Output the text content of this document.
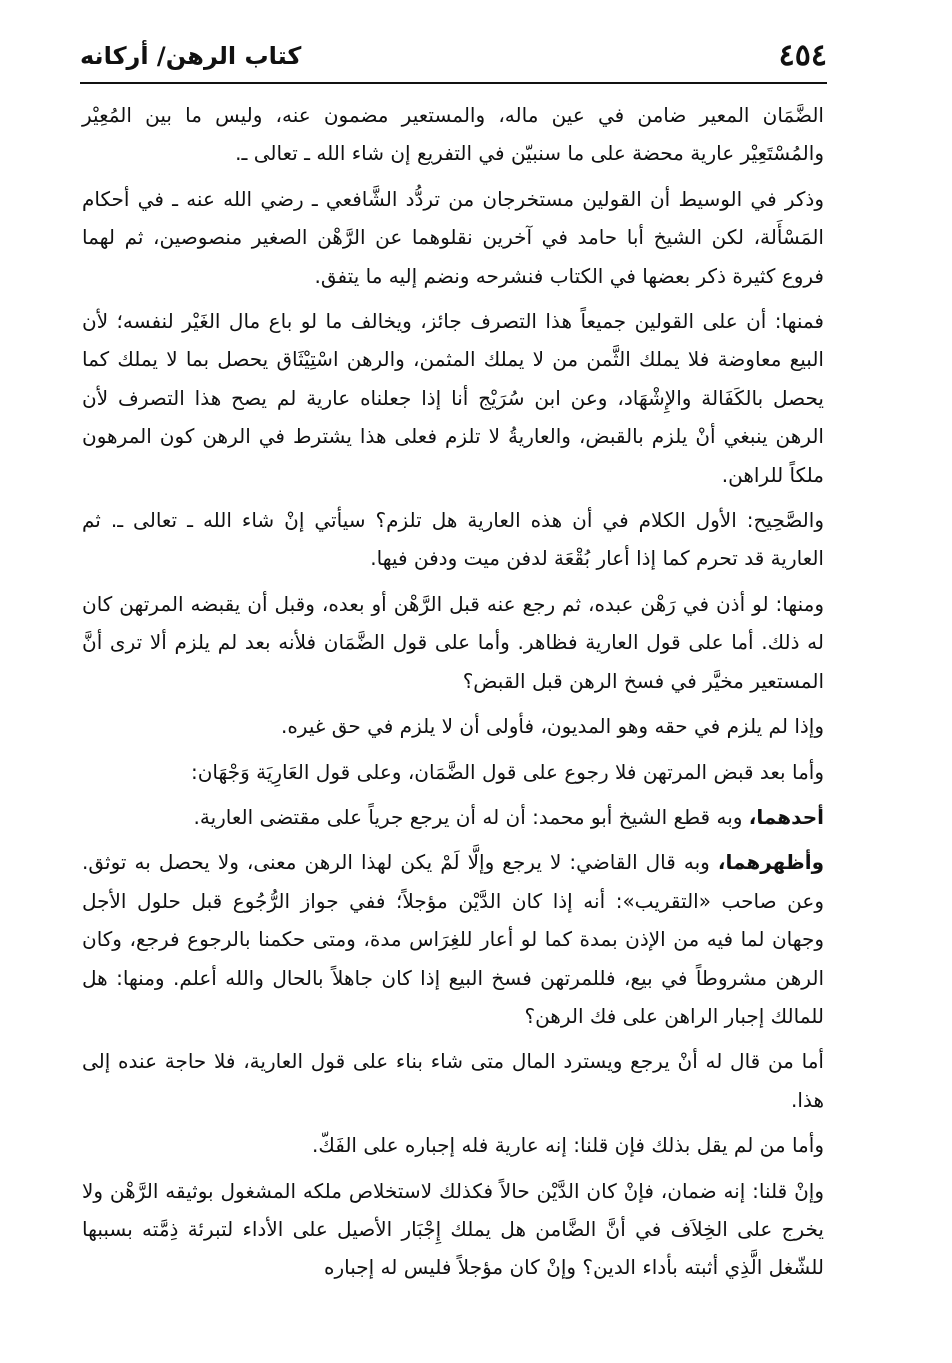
٤٥٤
كتاب الرهن/ أركانه

الضَّمَان المعير ضامن في عين ماله، والمستعير مضمون عنه، وليس ما بين المُعِيْر والمُسْتَعِيْر عارية محضة على ما سنبيّن في التفريع إن شاء الله ـ تعالى ـ.

وذكر في الوسيط أن القولين مستخرجان من تردُّد الشَّافعي ـ رضي الله عنه ـ في أحكام المَسْأَلة، لكن الشيخ أبا حامد في آخرين نقلوهما عن الرَّهْن الصغير منصوصين، ثم لهما فروع كثيرة ذكر بعضها في الكتاب فنشرحه ونضم إليه ما يتفق.

فمنها: أن على القولين جميعاً هذا التصرف جائز، ويخالف ما لو باع مال الغَيْر لنفسه؛ لأن البيع معاوضة فلا يملك الثَّمن من لا يملك المثمن، والرهن اسْتِيْثَاق يحصل بما لا يملك كما يحصل بالكَفَالة والإِشْهَاد، وعن ابن سُرَيْج أنا إذا جعلناه عارية لم يصح هذا التصرف لأن الرهن ينبغي أنْ يلزم بالقبض، والعاريةُ لا تلزم فعلى هذا يشترط في الرهن كون المرهون ملكاً للراهن.

والصَّحِيح: الأول الكلام في أن هذه العارية هل تلزم؟ سيأتي إنْ شاء الله ـ تعالى ـ. ثم العارية قد تحرم كما إذا أعار بُقْعَة لدفن ميت ودفن فيها.

ومنها: لو أذن في رَهْن عبده، ثم رجع عنه قبل الرَّهْن أو بعده، وقبل أن يقبضه المرتهن كان له ذلك. أما على قول العارية فظاهر. وأما على قول الضَّمَان فلأنه بعد لم يلزم ألا ترى أنَّ المستعير مخيَّر في فسخ الرهن قبل القبض؟

وإذا لم يلزم في حقه وهو المديون، فأولى أن لا يلزم في حق غيره.

وأما بعد قبض المرتهن فلا رجوع على قول الضَّمَان، وعلى قول العَارِيَة وَجْهَان:

أحدهما، وبه قطع الشيخ أبو محمد: أن له أن يرجع جرياً على مقتضى العارية.

وأظهرهما، وبه قال القاضي: لا يرجع وإلَّا لَمْ يكن لهذا الرهن معنى، ولا يحصل به توثق. وعن صاحب «التقريب»: أنه إذا كان الدَّيْن مؤجلاً؛ ففي جواز الرُّجُوع قبل حلول الأجل وجهان لما فيه من الإذن بمدة كما لو أعار للغِرَاس مدة، ومتى حكمنا بالرجوع فرجع، وكان الرهن مشروطاً في بيع، فللمرتهن فسخ البيع إذا كان جاهلاً بالحال والله أعلم. ومنها: هل للمالك إجبار الراهن على فك الرهن؟

أما من قال له أنْ يرجع ويسترد المال متى شاء بناء على قول العارية، فلا حاجة عنده إلى هذا.

وأما من لم يقل بذلك فإن قلنا: إنه عارية فله إجباره على الفَكّ.

وإنْ قلنا: إنه ضمان، فإنْ كان الدَّيْن حالاً فكذلك لاستخلاص ملكه المشغول بوثيقه الرَّهْن ولا يخرج على الخِلاَف في أنَّ الضَّامن هل يملك إِجْبَار الأصيل على الأداء لتبرئة ذِمَّته بسببها للشّغل الَّذِي أثبته بأداء الدين؟ وإنْ كان مؤجلاً فليس له إجباره
